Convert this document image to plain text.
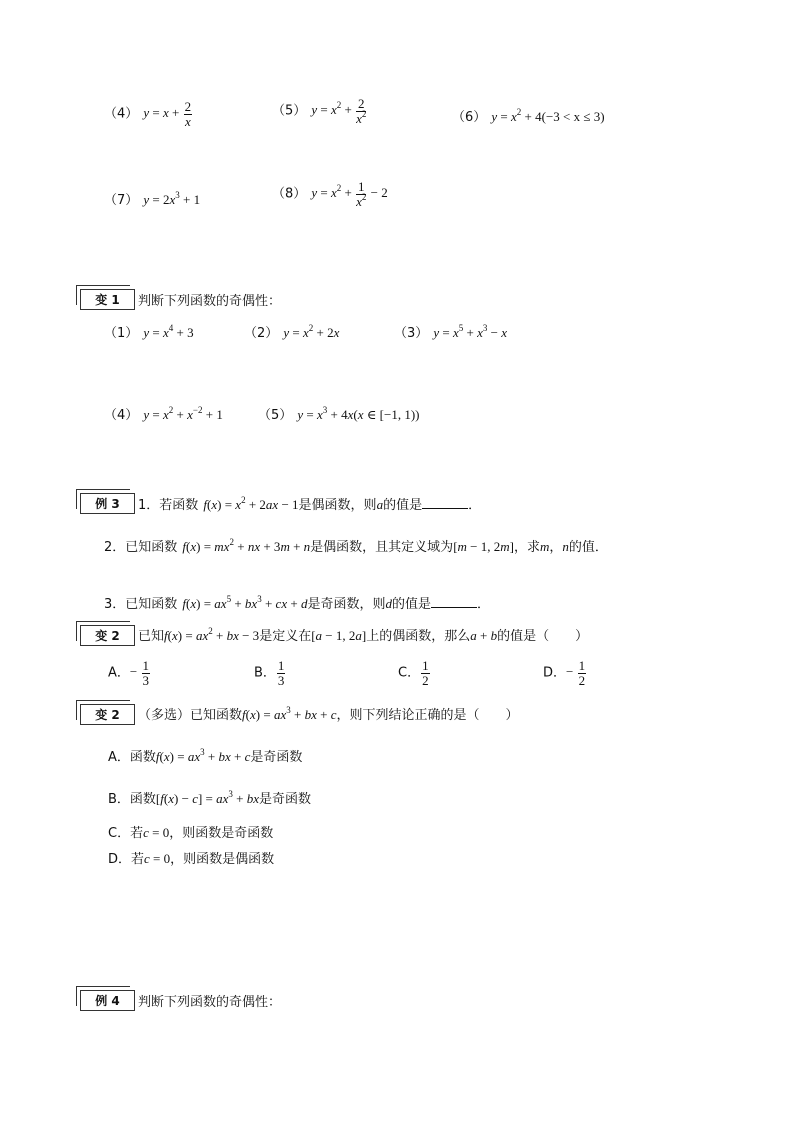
（4） $y = x + \frac{2}{x}$	（5） $y = x^2 + \frac{2}{x^2}$	（6） $y = x^2 + 4(-3 < x \le 3)$
（7） $y = 2x^3 + 1$	（8） $y = x^2 + \frac{1}{x^2} - 2$
变 1	判断下列函数的奇偶性：
（1） $y = x^4 + 3$	（2） $y = x^2 + 2x$	（3） $y = x^5 + x^3 - x$
（4） $y = x^2 + x^{-2} + 1$	（5） $y = x^3 + 4x(x$ ∈ [−1, 1))
例 3	1．若函数 $f(x) = x^2 + 2ax - 1$是偶函数，则a的值是	．
2．已知函数 $f(x) = mx^2$ + nx + 3m + n是偶函数，且其定义域为[m − 1, 2m]，求m，n的值．
3．已知函数 $f(x) = ax^5 + bx^3$ + cx + d是奇函数，则d的值是	．
变 2	已知$f(x) = ax^2$ + bx − 3是定义在[a − 1, 2a]上的偶函数，那么a + b的值是（　　）
A．− $\frac{1}{3}$	B． $\frac{1}{3}$	C． $\frac{1}{2}$	D．− $\frac{1}{2}$
变 2	（多选）已知函数$f(x) = ax^3$ + bx + c，则下列结论正确的是（　　）
A．函数$f(x) = ax^3$ + bx + c是奇函数
B．函数$[f(x) - c] = ax^3$ + bx是奇函数
C．若c = 0，则函数是奇函数
D．若c = 0，则函数是偶函数
例 4	判断下列函数的奇偶性：
